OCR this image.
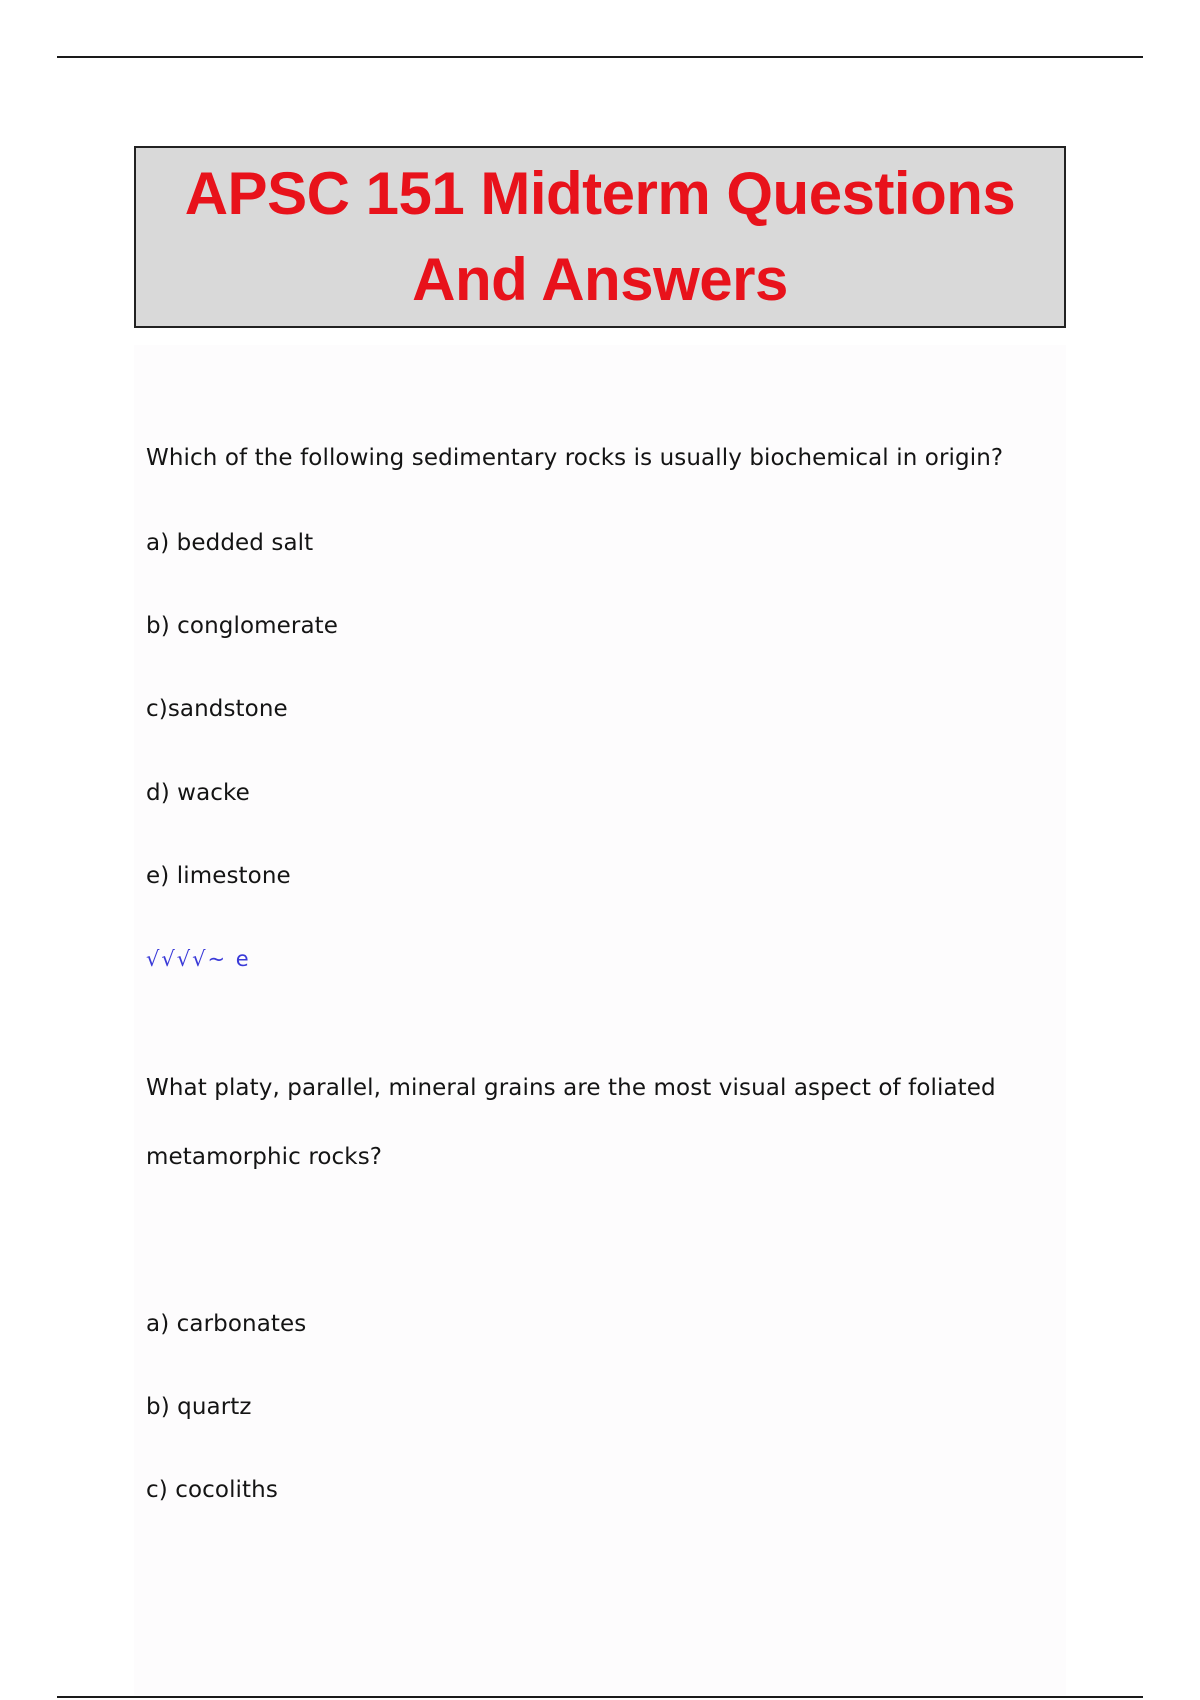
APSC 151 Midterm Questions
And Answers

Which of the following sedimentary rocks is usually biochemical in origin?

a) bedded salt

b) conglomerate

c)sandstone

d) wacke

e) limestone

√√√√~ e

What platy, parallel, mineral grains are the most visual aspect of foliated

metamorphic rocks?

a) carbonates

b) quartz

c) cocoliths
